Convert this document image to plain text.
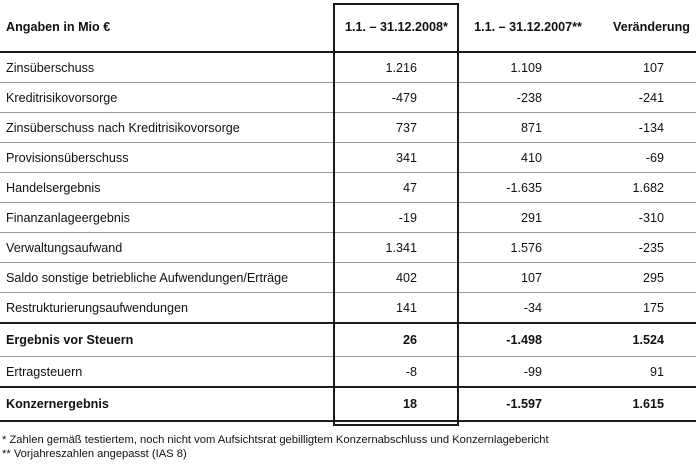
Angaben in Mio €	1.1. – 31.12.2008*	1.1. – 31.12.2007**	Veränderung
Zinsüberschuss	1.216	1.109	107
Kreditrisikovorsorge	-479	-238	-241
Zinsüberschuss nach Kreditrisikovorsorge	737	871	-134
Provisionsüberschuss	341	410	-69
Handelsergebnis	47	-1.635	1.682
Finanzanlageergebnis	-19	291	-310
Verwaltungsaufwand	1.341	1.576	-235
Saldo sonstige betriebliche Aufwendungen/Erträge	402	107	295
Restrukturierungsaufwendungen	141	-34	175
Ergebnis vor Steuern	26	-1.498	1.524
Ertragsteuern	-8	-99	91
Konzernergebnis	18	-1.597	1.615
* Zahlen gemäß testiertem, noch nicht vom Aufsichtsrat gebilligtem Konzernabschluss und Konzernlagebericht
** Vorjahreszahlen angepasst (IAS 8)
